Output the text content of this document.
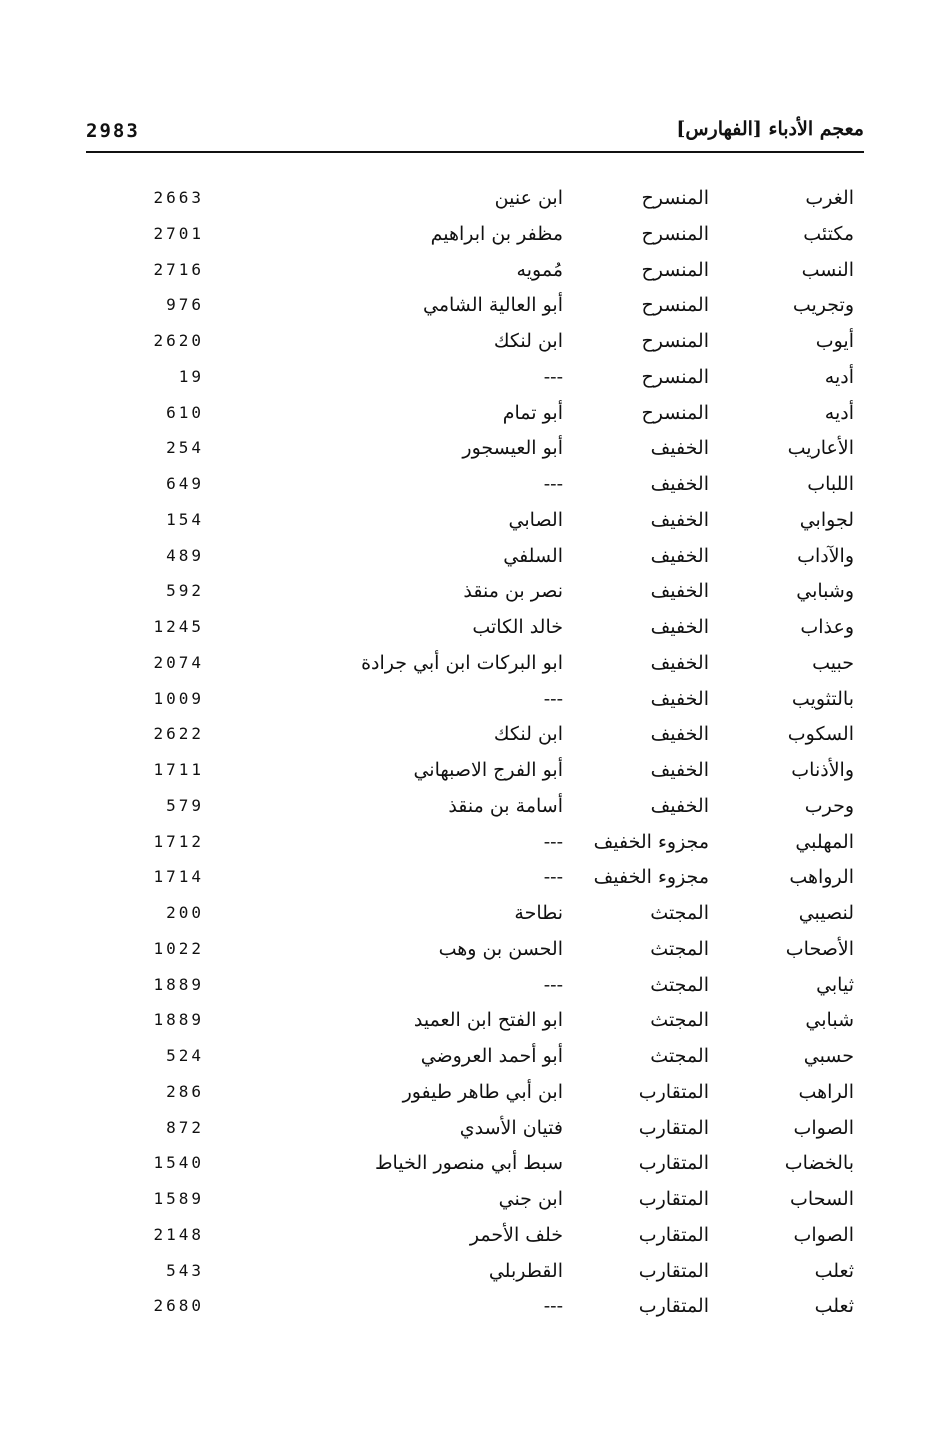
معجم الأدباء [الفهارس]
2983
الغرب
المنسرح
ابن عنين
2663
مكتئب
المنسرح
مظفر بن ابراهيم
2701
النسب
المنسرح
مُمويه
2716
وتجريب
المنسرح
أبو العالية الشامي
976
أيوب
المنسرح
ابن لنكك
2620
أديه
المنسرح
---
19
أديه
المنسرح
أبو تمام
610
الأعاريب
الخفيف
أبو العيسجور
254
اللباب
الخفيف
---
649
لجوابي
الخفيف
الصابي
154
والآداب
الخفيف
السلفي
489
وشبابي
الخفيف
نصر بن منقذ
592
وعذاب
الخفيف
خالد الكاتب
1245
حبيب
الخفيف
ابو البركات ابن أبي جرادة
2074
بالتثويب
الخفيف
---
1009
السكوب
الخفيف
ابن لنكك
2622
والأذناب
الخفيف
أبو الفرج الاصبهاني
1711
وحرب
الخفيف
أسامة بن منقذ
579
المهلبي
مجزوء الخفيف
---
1712
الرواهب
مجزوء الخفيف
---
1714
لنصيبي
المجتث
نطاحة
200
الأصحاب
المجتث
الحسن بن وهب
1022
ثيابي
المجتث
---
1889
شبابي
المجتث
ابو الفتح ابن العميد
1889
حسبي
المجتث
أبو أحمد العروضي
524
الراهب
المتقارب
ابن أبي طاهر طيفور
286
الصواب
المتقارب
فتيان الأسدي
872
بالخضاب
المتقارب
سبط أبي منصور الخياط
1540
السحاب
المتقارب
ابن جني
1589
الصواب
المتقارب
خلف الأحمر
2148
ثعلب
المتقارب
القطربلي
543
ثعلب
المتقارب
---
2680
